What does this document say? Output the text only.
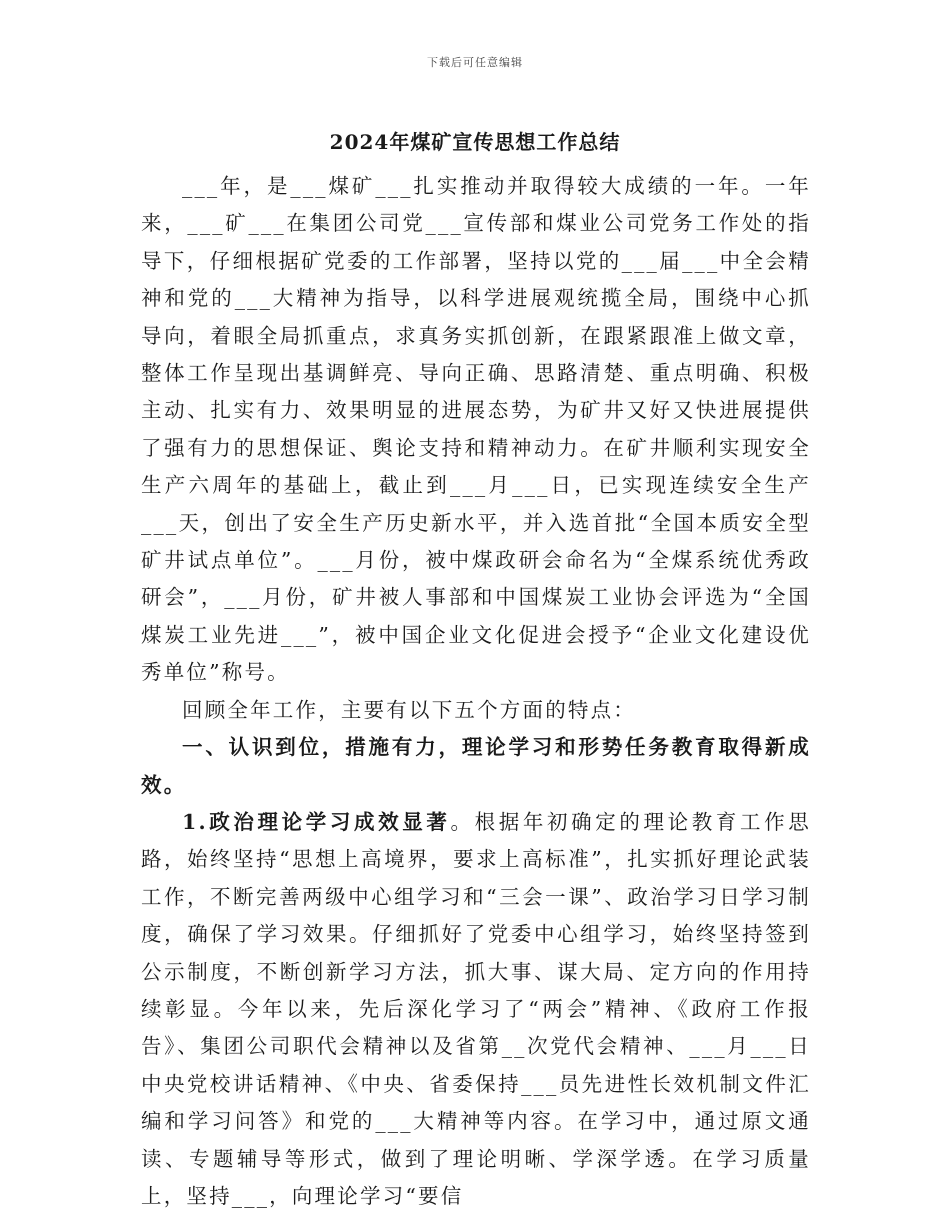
下载后可任意编辑
2024年煤矿宣传思想工作总结

___年，是___煤矿___扎实推动并取得较大成绩的一年。一年来，___矿___在集团公司党___宣传部和煤业公司党务工作处的指导下，仔细根据矿党委的工作部署，坚持以党的___届___中全会精神和党的___大精神为指导，以科学进展观统揽全局，围绕中心抓导向，着眼全局抓重点，求真务实抓创新，在跟紧跟准上做文章，整体工作呈现出基调鲜亮、导向正确、思路清楚、重点明确、积极主动、扎实有力、效果明显的进展态势，为矿井又好又快进展提供了强有力的思想保证、舆论支持和精神动力。在矿井顺利实现安全生产六周年的基础上，截止到___月___日，已实现连续安全生产___天，创出了安全生产历史新水平，并入选首批“全国本质安全型矿井试点单位”。___月份，被中煤政研会命名为“全煤系统优秀政研会”，___月份，矿井被人事部和中国煤炭工业协会评选为“全国煤炭工业先进___”，被中国企业文化促进会授予“企业文化建设优秀单位”称号。

回顾全年工作，主要有以下五个方面的特点：

一、认识到位，措施有力，理论学习和形势任务教育取得新成效。

1.政治理论学习成效显著。根据年初确定的理论教育工作思路，始终坚持“思想上高境界，要求上高标准”，扎实抓好理论武装工作，不断完善两级中心组学习和“三会一课”、政治学习日学习制度，确保了学习效果。仔细抓好了党委中心组学习，始终坚持签到公示制度，不断创新学习方法，抓大事、谋大局、定方向的作用持续彰显。今年以来，先后深化学习了“两会”精神、《政府工作报告》、集团公司职代会精神以及省第__次党代会精神、___月___日中央党校讲话精神、《中央、省委保持___员先进性长效机制文件汇编和学习问答》和党的___大精神等内容。在学习中，通过原文通读、专题辅导等形式，做到了理论明晰、学深学透。在学习质量上，坚持___，向理论学习“要信
